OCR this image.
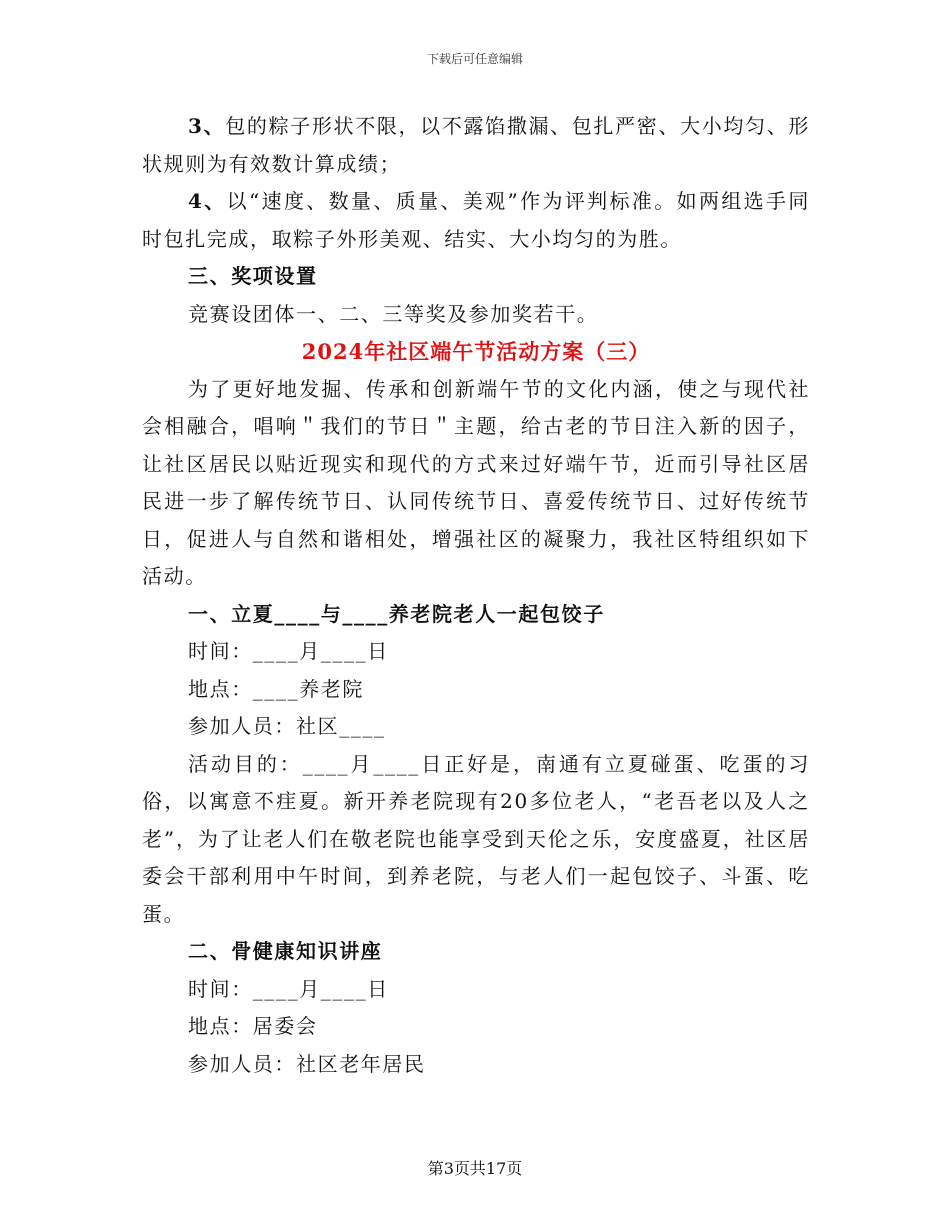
下载后可任意编辑

3、包的粽子形状不限，以不露馅撒漏、包扎严密、大小均匀、形状规则为有效数计算成绩；

4、以“速度、数量、质量、美观”作为评判标准。如两组选手同时包扎完成，取粽子外形美观、结实、大小均匀的为胜。

三、奖项设置

竞赛设团体一、二、三等奖及参加奖若干。

2024年社区端午节活动方案（三）

为了更好地发掘、传承和创新端午节的文化内涵，使之与现代社会相融合，唱响＂我们的节日＂主题，给古老的节日注入新的因子，让社区居民以贴近现实和现代的方式来过好端午节，近而引导社区居民进一步了解传统节日、认同传统节日、喜爱传统节日、过好传统节日，促进人与自然和谐相处，增强社区的凝聚力，我社区特组织如下活动。

一、立夏____与____养老院老人一起包饺子

时间：____月____日

地点：____养老院

参加人员：社区____

活动目的：____月____日正好是，南通有立夏碰蛋、吃蛋的习俗，以寓意不疰夏。新开养老院现有20多位老人，“老吾老以及人之老”，为了让老人们在敬老院也能享受到天伦之乐，安度盛夏，社区居委会干部利用中午时间，到养老院，与老人们一起包饺子、斗蛋、吃蛋。

二、骨健康知识讲座

时间：____月____日

地点：居委会

参加人员：社区老年居民

第3页共17页
